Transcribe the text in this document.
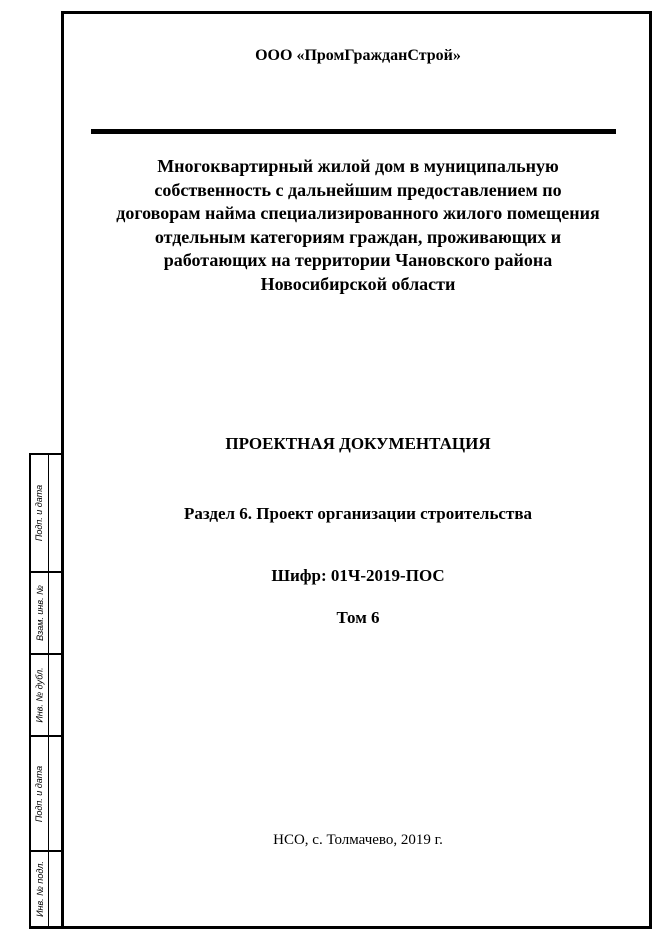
Подп. и дата
Взам. инв. №
Инв. № дубл.
Подп. и дата
Инв. № подл.
ООО «ПромГражданСтрой»
Многоквартирный жилой дом в муниципальную
собственность с дальнейшим предоставлением по
договорам найма специализированного жилого помещения
отдельным категориям граждан, проживающих и
работающих на территории Чановского района
Новосибирской области
ПРОЕКТНАЯ ДОКУМЕНТАЦИЯ
Раздел 6. Проект организации строительства
Шифр: 01Ч-2019-ПОС
Том 6
НСО, с. Толмачево, 2019 г.
